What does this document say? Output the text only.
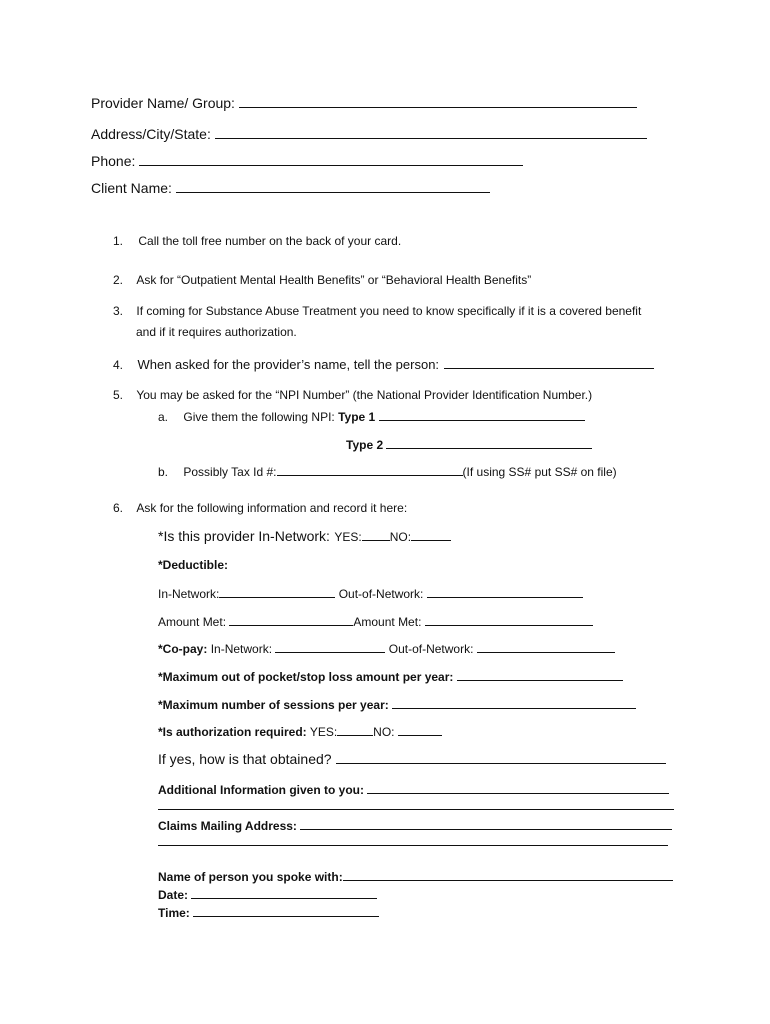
Provider Name/ Group:
Address/City/State:
Phone:
Client Name:
1. Call the toll free number on the back of your card.
2. Ask for “Outpatient Mental Health Benefits” or “Behavioral Health Benefits”
3. If coming for Substance Abuse Treatment you need to know specifically if it is a covered benefit
and if it requires authorization.
4. When asked for the provider’s name, tell the person:
5. You may be asked for the “NPI Number” (the National Provider Identification Number.)
a. Give them the following NPI: Type 1
Type 2
b. Possibly Tax Id #:	(If using SS# put SS# on file)
6. Ask for the following information and record it here:
*Is this provider In-Network: YES: NO:
*Deductible:
In-Network:	Out-of-Network:
Amount Met:	Amount Met:
*Co-pay: In-Network:	Out-of-Network:
*Maximum out of pocket/stop loss amount per year:
*Maximum number of sessions per year:
*Is authorization required: YES:	NO:
If yes, how is that obtained?
Additional Information given to you:
Claims Mailing Address:
Name of person you spoke with:
Date:
Time:
